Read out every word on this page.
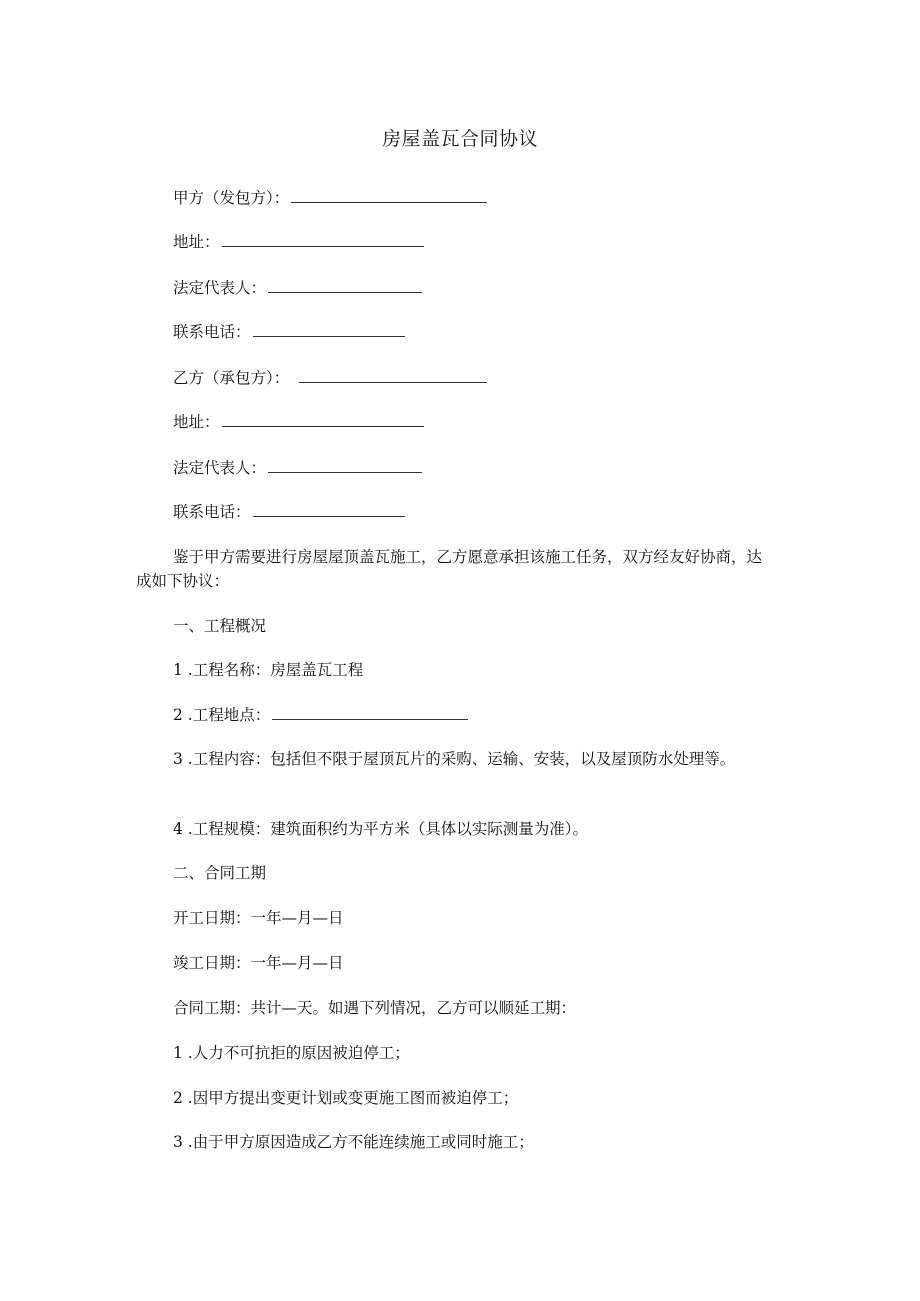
房屋盖瓦合同协议
甲方（发包方）：
地址：
法定代表人：
联系电话：
乙方（承包方）：
地址：
法定代表人：
联系电话：
鉴于甲方需要进行房屋屋顶盖瓦施工，乙方愿意承担该施工任务，双方经友好协商，达成如下协议：
一、工程概况
1 .工程名称：房屋盖瓦工程
2 .工程地点：
3 .工程内容：包括但不限于屋顶瓦片的采购、运输、安装，以及屋顶防水处理等。
4 .工程规模：建筑面积约为平方米（具体以实际测量为准）。
二、合同工期
开工日期：一年—月—日
竣工日期：一年—月—日
合同工期：共计—天。如遇下列情况，乙方可以顺延工期：
1 .人力不可抗拒的原因被迫停工；
2 .因甲方提出变更计划或变更施工图而被迫停工；
3 .由于甲方原因造成乙方不能连续施工或同时施工；
